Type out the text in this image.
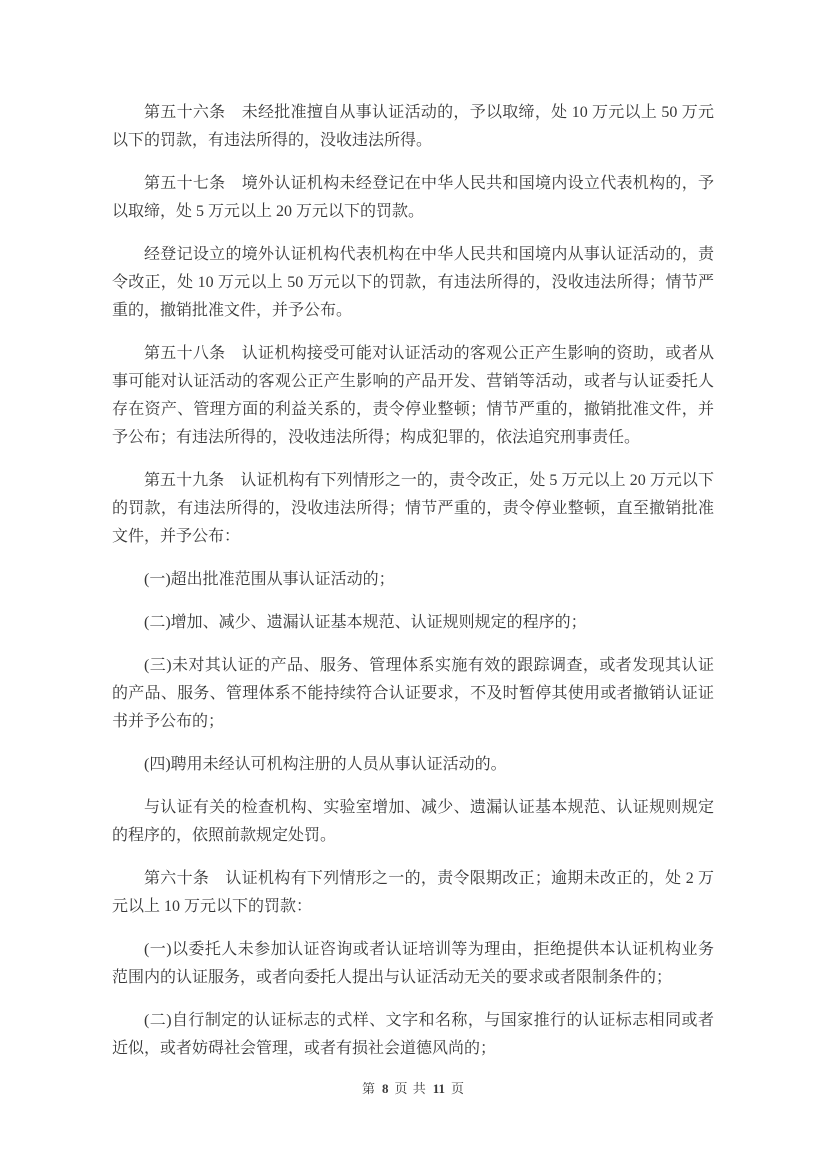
第五十六条　未经批准擅自从事认证活动的，予以取缔，处 10 万元以上 50 万元以下的罚款，有违法所得的，没收违法所得。

第五十七条　境外认证机构未经登记在中华人民共和国境内设立代表机构的，予以取缔，处 5 万元以上 20 万元以下的罚款。

经登记设立的境外认证机构代表机构在中华人民共和国境内从事认证活动的，责令改正，处 10 万元以上 50 万元以下的罚款，有违法所得的，没收违法所得；情节严重的，撤销批准文件，并予公布。

第五十八条　认证机构接受可能对认证活动的客观公正产生影响的资助，或者从事可能对认证活动的客观公正产生影响的产品开发、营销等活动，或者与认证委托人存在资产、管理方面的利益关系的，责令停业整顿；情节严重的，撤销批准文件，并予公布；有违法所得的，没收违法所得；构成犯罪的，依法追究刑事责任。

第五十九条　认证机构有下列情形之一的，责令改正，处 5 万元以上 20 万元以下的罚款，有违法所得的，没收违法所得；情节严重的，责令停业整顿，直至撤销批准文件，并予公布：

(一)超出批准范围从事认证活动的；

(二)增加、减少、遗漏认证基本规范、认证规则规定的程序的；

(三)未对其认证的产品、服务、管理体系实施有效的跟踪调查，或者发现其认证的产品、服务、管理体系不能持续符合认证要求，不及时暂停其使用或者撤销认证证书并予公布的；

(四)聘用未经认可机构注册的人员从事认证活动的。

与认证有关的检查机构、实验室增加、减少、遗漏认证基本规范、认证规则规定的程序的，依照前款规定处罚。

第六十条　认证机构有下列情形之一的，责令限期改正；逾期未改正的，处 2 万元以上 10 万元以下的罚款：

(一)以委托人未参加认证咨询或者认证培训等为理由，拒绝提供本认证机构业务范围内的认证服务，或者向委托人提出与认证活动无关的要求或者限制条件的；

(二)自行制定的认证标志的式样、文字和名称，与国家推行的认证标志相同或者近似，或者妨碍社会管理，或者有损社会道德风尚的；

第 8 页 共 11 页
